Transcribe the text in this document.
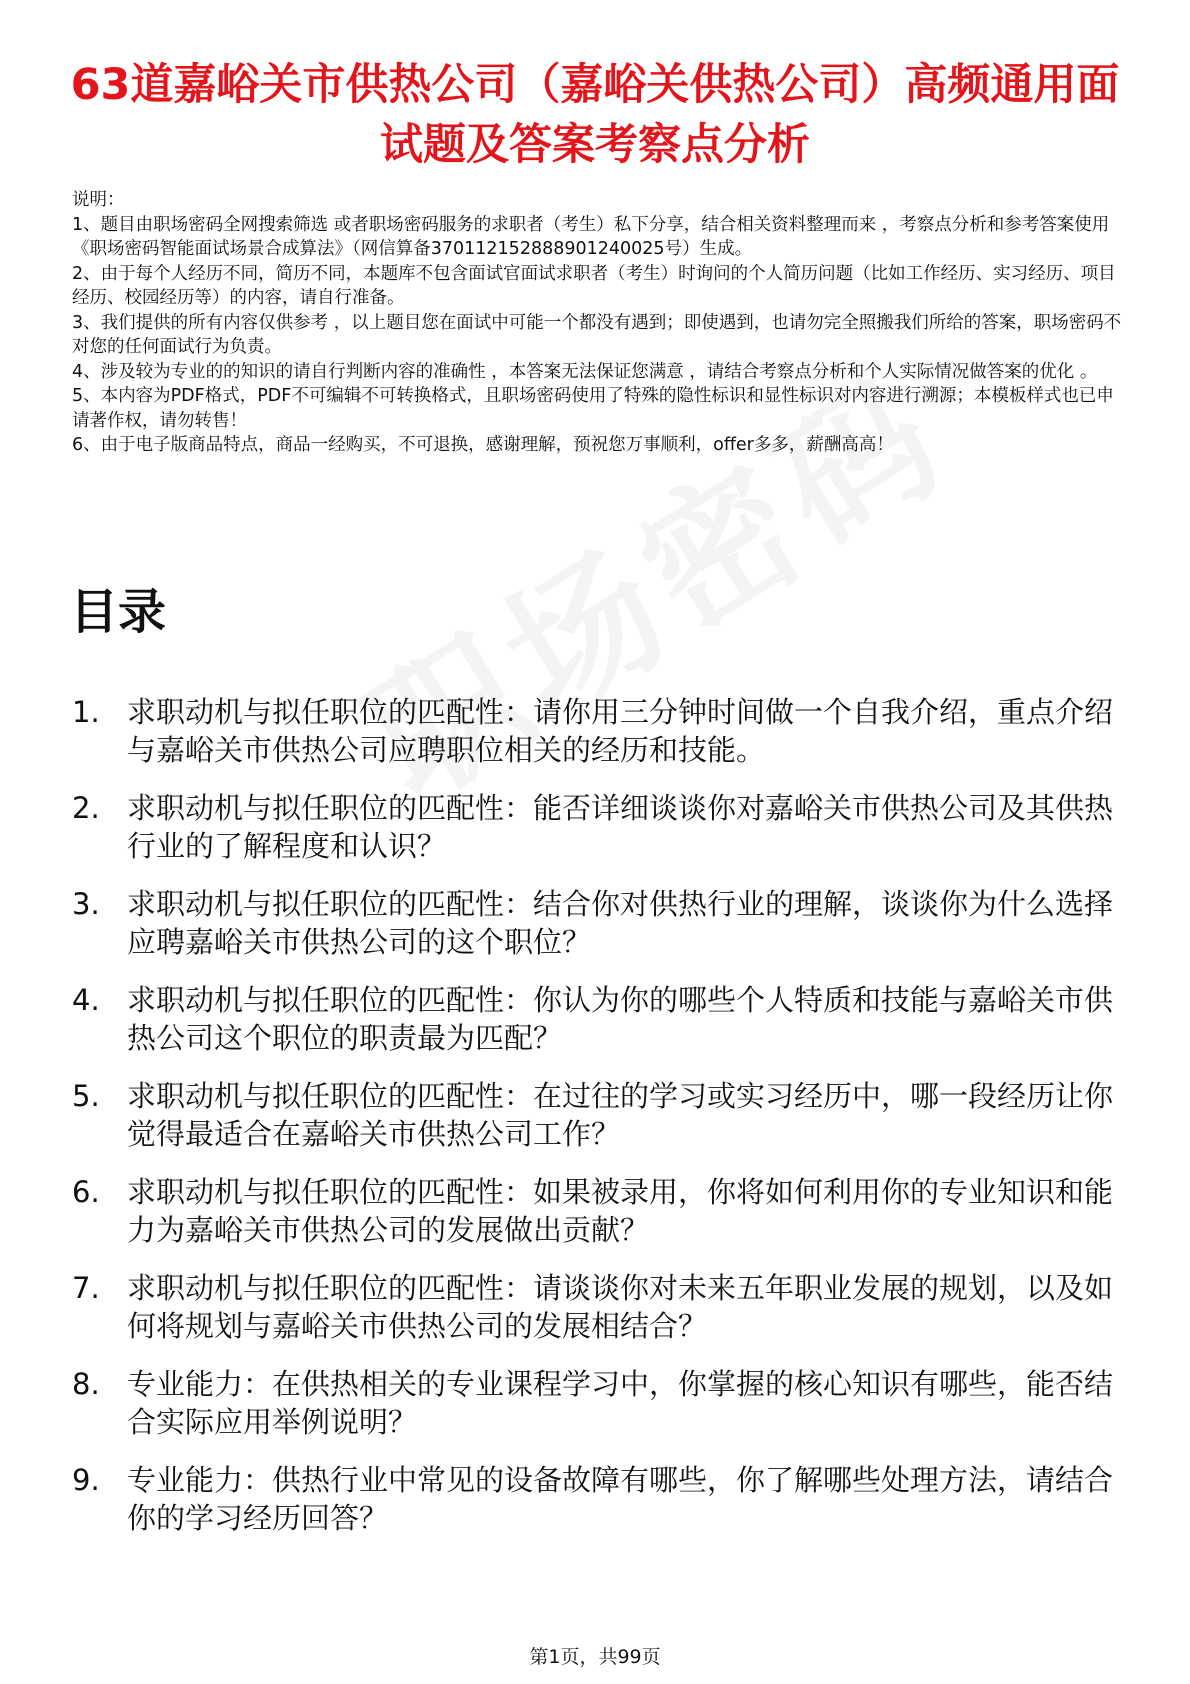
63道嘉峪关市供热公司（嘉峪关供热公司）高频通用面试题及答案考察点分析

说明：

1、题目由职场密码全网搜索筛选 或者职场密码服务的求职者（考生）私下分享，结合相关资料整理而来 ，考察点分析和参考答案使用《职场密码智能面试场景合成算法》（网信算备370112152888901240025号）生成。

2、由于每个人经历不同，简历不同，本题库不包含面试官面试求职者（考生）时询问的个人简历问题（比如工作经历、实习经历、项目经历、校园经历等）的内容，请自行准备。

3、我们提供的所有内容仅供参考 ，以上题目您在面试中可能一个都没有遇到；即使遇到，也请勿完全照搬我们所给的答案，职场密码不对您的任何面试行为负责。

4、涉及较为专业的的知识的请自行判断内容的准确性 ，本答案无法保证您满意 ，请结合考察点分析和个人实际情况做答案的优化 。

5、本内容为PDF格式，PDF不可编辑不可转换格式，且职场密码使用了特殊的隐性标识和显性标识对内容进行溯源；本模板样式也已申请著作权，请勿转售！

6、由于电子版商品特点，商品一经购买，不可退换，感谢理解，预祝您万事顺利，offer多多，薪酬高高！

目录
1. 求职动机与拟任职位的匹配性：请你用三分钟时间做一个自我介绍，重点介绍与嘉峪关市供热公司应聘职位相关的经历和技能。
2. 求职动机与拟任职位的匹配性：能否详细谈谈你对嘉峪关市供热公司及其供热行业的了解程度和认识？
3. 求职动机与拟任职位的匹配性：结合你对供热行业的理解，谈谈你为什么选择应聘嘉峪关市供热公司的这个职位？
4. 求职动机与拟任职位的匹配性：你认为你的哪些个人特质和技能与嘉峪关市供热公司这个职位的职责最为匹配？
5. 求职动机与拟任职位的匹配性：在过往的学习或实习经历中，哪一段经历让你觉得最适合在嘉峪关市供热公司工作？
6. 求职动机与拟任职位的匹配性：如果被录用，你将如何利用你的专业知识和能力为嘉峪关市供热公司的发展做出贡献？
7. 求职动机与拟任职位的匹配性：请谈谈你对未来五年职业发展的规划，以及如何将规划与嘉峪关市供热公司的发展相结合？
8. 专业能力：在供热相关的专业课程学习中，你掌握的核心知识有哪些，能否结合实际应用举例说明？
9. 专业能力：供热行业中常见的设备故障有哪些，你了解哪些处理方法，请结合你的学习经历回答？
第1页，共99页
